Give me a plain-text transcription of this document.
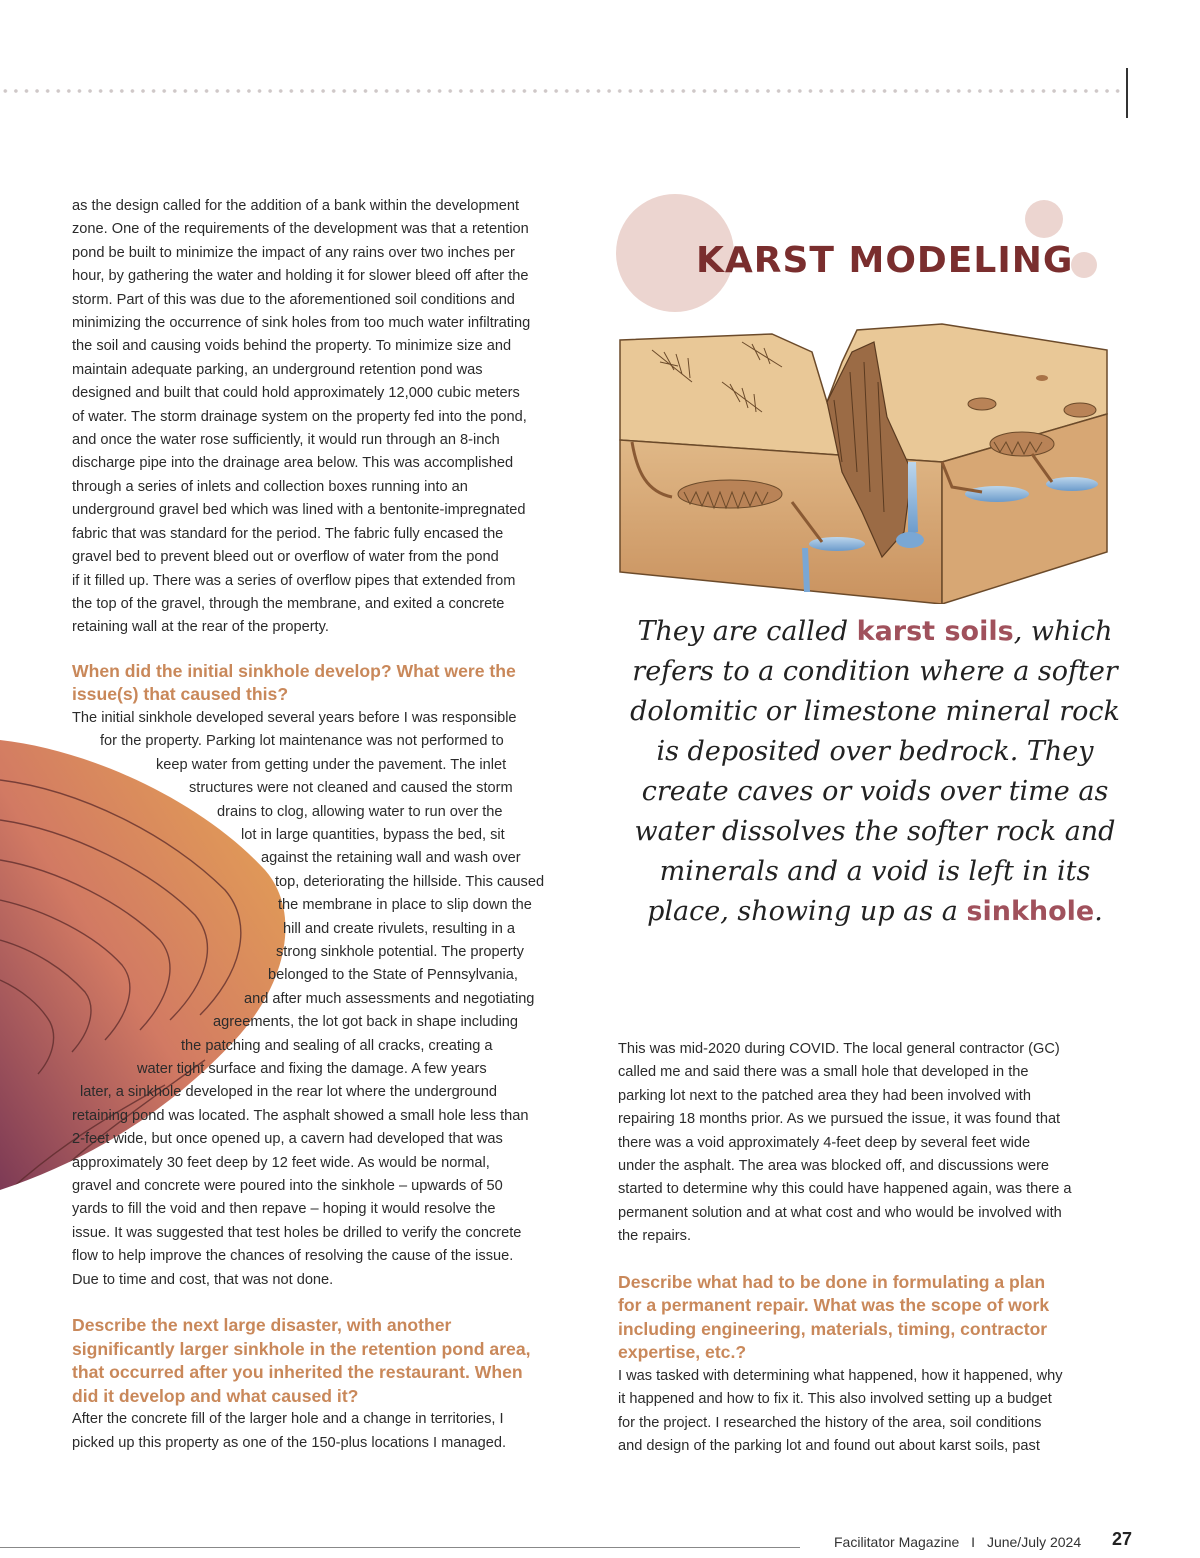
as the design called for the addition of a bank within the development
zone. One of the requirements of the development was that a retention
pond be built to minimize the impact of any rains over two inches per
hour, by gathering the water and holding it for slower bleed off after the
storm. Part of this was due to the aforementioned soil conditions and
minimizing the occurrence of sink holes from too much water infiltrating
the soil and causing voids behind the property. To minimize size and
maintain adequate parking, an underground retention pond was
designed and built that could hold approximately 12,000 cubic meters
of water. The storm drainage system on the property fed into the pond,
and once the water rose sufficiently, it would run through an 8-inch
discharge pipe into the drainage area below. This was accomplished
through a series of inlets and collection boxes running into an
underground gravel bed which was lined with a bentonite-impregnated
fabric that was standard for the period. The fabric fully encased the
gravel bed to prevent bleed out or overflow of water from the pond
if it filled up. There was a series of overflow pipes that extended from
the top of the gravel, through the membrane, and exited a concrete
retaining wall at the rear of the property.
When did the initial sinkhole develop? What were the
issue(s) that caused this?
The initial sinkhole developed several years before I was responsible
for the property. Parking lot maintenance was not performed to
keep water from getting under the pavement. The inlet
structures were not cleaned and caused the storm
drains to clog, allowing water to run over the
lot in large quantities, bypass the bed, sit
against the retaining wall and wash over
top, deteriorating the hillside. This caused
the membrane in place to slip down the
hill and create rivulets, resulting in a
strong sinkhole potential. The property
belonged to the State of Pennsylvania,
and after much assessments and negotiating
agreements, the lot got back in shape including
the patching and sealing of all cracks, creating a
water tight surface and fixing the damage. A few years
later, a sinkhole developed in the rear lot where the underground
retaining pond was located. The asphalt showed a small hole less than
2-feet wide, but once opened up, a cavern had developed that was
approximately 30 feet deep by 12 feet wide. As would be normal,
gravel and concrete were poured into the sinkhole – upwards of 50
yards to fill the void and then repave – hoping it would resolve the
issue. It was suggested that test holes be drilled to verify the concrete
flow to help improve the chances of resolving the cause of the issue.
Due to time and cost, that was not done.
Describe the next large disaster, with another
significantly larger sinkhole in the retention pond area,
that occurred after you inherited the restaurant. When
did it develop and what caused it?
After the concrete fill of the larger hole and a change in territories, I
picked up this property as one of the 150-plus locations I managed.
KARST MODELING
They are called karst soils, which refers to a condition where a softer dolomitic or limestone mineral rock is deposited over bedrock. They create caves or voids over time as water dissolves the softer rock and minerals and a void is left in its place, showing up as a sinkhole.
This was mid-2020 during COVID. The local general contractor (GC)
called me and said there was a small hole that developed in the
parking lot next to the patched area they had been involved with
repairing 18 months prior. As we pursued the issue, it was found that
there was a void approximately 4-feet deep by several feet wide
under the asphalt. The area was blocked off, and discussions were
started to determine why this could have happened again, was there a
permanent solution and at what cost and who would be involved with
the repairs.
Describe what had to be done in formulating a plan
for a permanent repair. What was the scope of work
including engineering, materials, timing, contractor
expertise, etc.?
I was tasked with determining what happened, how it happened, why
it happened and how to fix it. This also involved setting up a budget
for the project. I researched the history of the area, soil conditions
and design of the parking lot and found out about karst soils, past
Facilitator Magazine I June/July 2024 27
